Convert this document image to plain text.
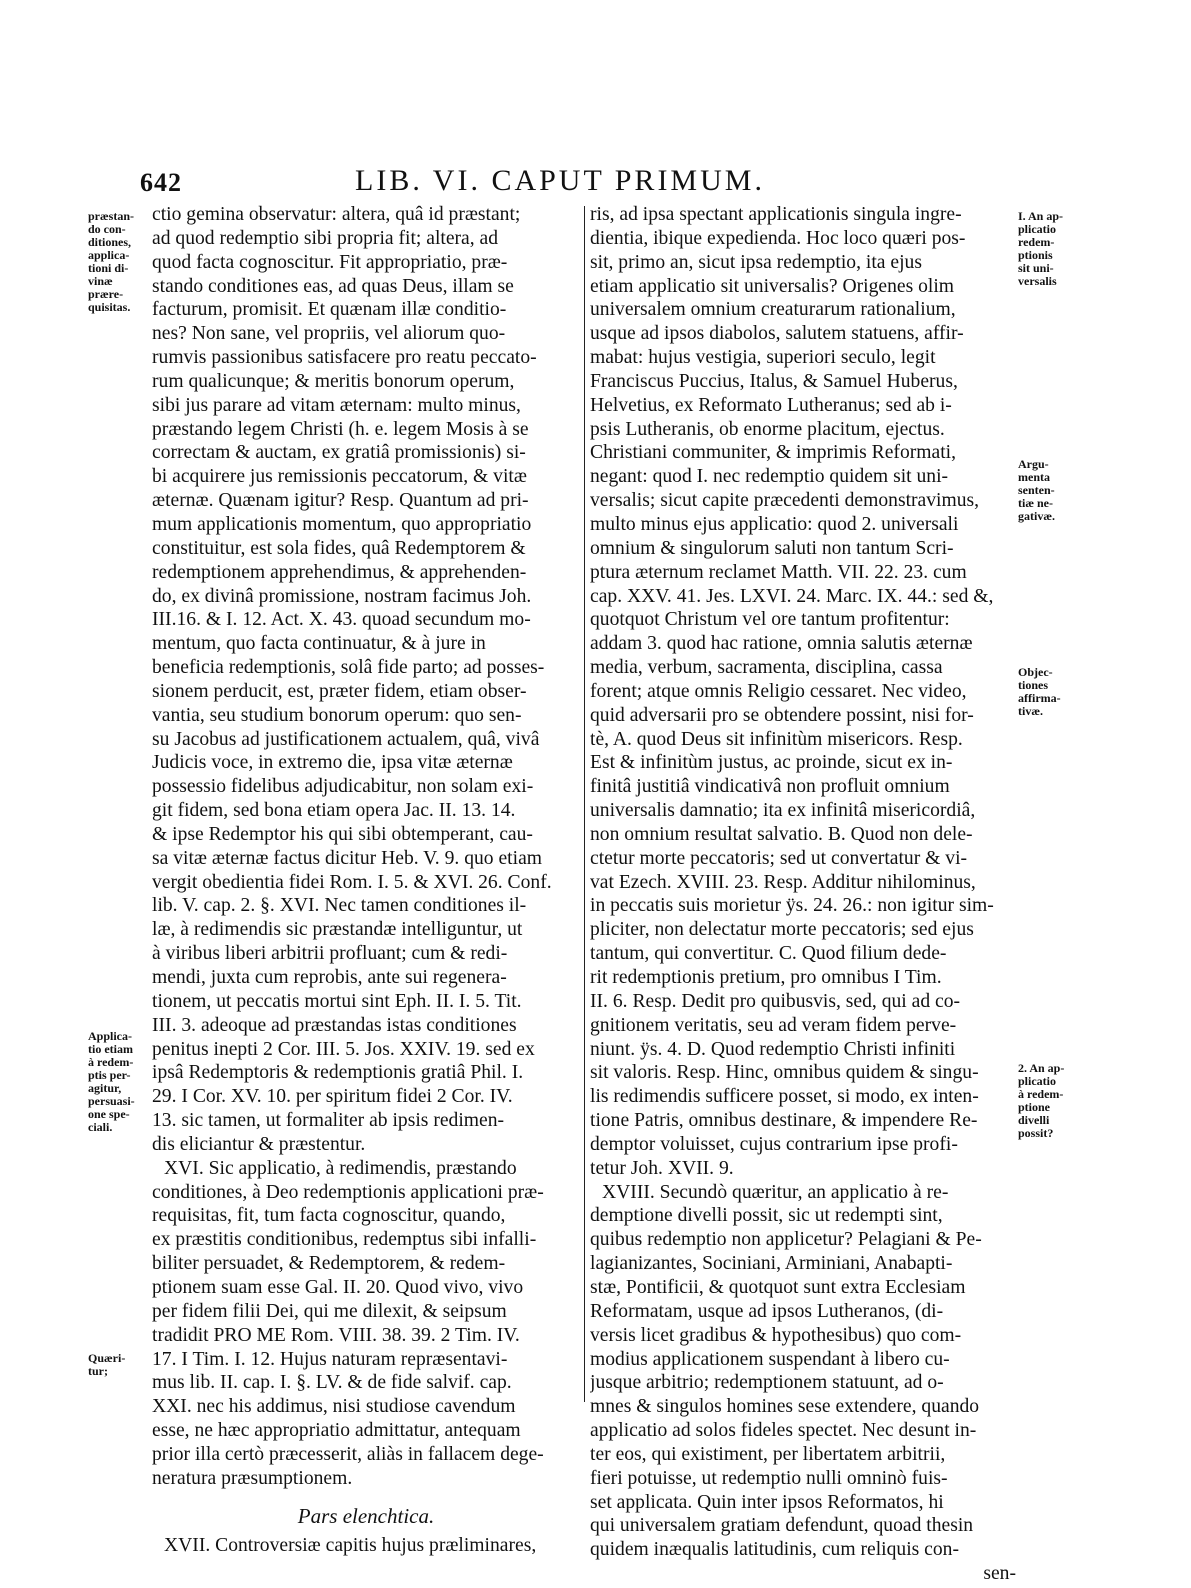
642	LIB. VI. CAPUT PRIMUM.
ctio gemina observatur: altera, quâ id præstant;
ad quod redemptio sibi propria fit; altera, ad
quod facta cognoscitur. Fit appropriatio, præ-
stando conditiones eas, ad quas Deus, illam se
facturum, promisit. Et quænam illæ conditio-
nes? Non sane, vel propriis, vel aliorum quo-
rumvis passionibus satisfacere pro reatu peccato-
rum qualicunque; & meritis bonorum operum,
sibi jus parare ad vitam æternam: multo minus,
præstando legem Christi (h. e. legem Mosis à se
correctam & auctam, ex gratiâ promissionis) si-
bi acquirere jus remissionis peccatorum, & vitæ
æternæ. Quænam igitur? Resp. Quantum ad pri-
mum applicationis momentum, quo appropriatio
constituitur, est sola fides, quâ Redemptorem &
redemptionem apprehendimus, & apprehenden-
do, ex divinâ promissione, nostram facimus Joh.
III.16. & I. 12. Act. X. 43. quoad secundum mo-
mentum, quo facta continuatur, & à jure in
beneficia redemptionis, solâ fide parto; ad posses-
sionem perducit, est, præter fidem, etiam obser-
vantia, seu studium bonorum operum: quo sen-
su Jacobus ad justificationem actualem, quâ, vivâ
Judicis voce, in extremo die, ipsa vitæ æternæ
possessio fidelibus adjudicabitur, non solam exi-
git fidem, sed bona etiam opera Jac. II. 13. 14.
& ipse Redemptor his qui sibi obtemperant, cau-
sa vitæ æternæ factus dicitur Heb. V. 9. quo etiam
vergit obedientia fidei Rom. I. 5. & XVI. 26. Conf.
lib. V. cap. 2. §. XVI. Nec tamen conditiones il-
læ, à redimendis sic præstandæ intelliguntur, ut
à viribus liberi arbitrii profluant; cum & redi-
mendi, juxta cum reprobis, ante sui regenera-
tionem, ut peccatis mortui sint Eph. II. I. 5. Tit.
III. 3. adeoque ad præstandas istas conditiones
penitus inepti 2 Cor. III. 5. Jos. XXIV. 19. sed ex
ipsâ Redemptoris & redemptionis gratiâ Phil. I.
29. I Cor. XV. 10. per spiritum fidei 2 Cor. IV.
13. sic tamen, ut formaliter ab ipsis redimen-
dis eliciantur & præstentur.
XVI. Sic applicatio, à redimendis, præstando
conditiones, à Deo redemptionis applicationi præ-
requisitas, fit, tum facta cognoscitur, quando,
ex præstitis conditionibus, redemptus sibi infalli-
biliter persuadet, & Redemptorem, & redem-
ptionem suam esse Gal. II. 20. Quod vivo, vivo
per fidem filii Dei, qui me dilexit, & seipsum
tradidit PRO ME Rom. VIII. 38. 39. 2 Tim. IV.
17. I Tim. I. 12. Hujus naturam repræsentavi-
mus lib. II. cap. I. §. LV. & de fide salvif. cap.
XXI. nec his addimus, nisi studiose cavendum
esse, ne hæc appropriatio admittatur, antequam
prior illa certò præcesserit, aliàs in fallacem dege-
neratura præsumptionem.
Pars elenchtica.
XVII. Controversiæ capitis hujus præliminares,
ris, ad ipsa spectant applicationis singula ingre-
dientia, ibique expedienda. Hoc loco quæri pos-
sit, primo an, sicut ipsa redemptio, ita ejus
etiam applicatio sit universalis? Origenes olim
universalem omnium creaturarum rationalium,
usque ad ipsos diabolos, salutem statuens, affir-
mabat: hujus vestigia, superiori seculo, legit
Franciscus Puccius, Italus, & Samuel Huberus,
Helvetius, ex Reformato Lutheranus; sed ab i-
psis Lutheranis, ob enorme placitum, ejectus.
Christiani communiter, & imprimis Reformati,
negant: quod I. nec redemptio quidem sit uni-
versalis; sicut capite præcedenti demonstravimus,
multo minus ejus applicatio: quod 2. universali
omnium & singulorum saluti non tantum Scri-
ptura æternum reclamet Matth. VII. 22. 23. cum
cap. XXV. 41. Jes. LXVI. 24. Marc. IX. 44.: sed &,
quotquot Christum vel ore tantum profitentur:
addam 3. quod hac ratione, omnia salutis æternæ
media, verbum, sacramenta, disciplina, cassa
forent; atque omnis Religio cessaret. Nec video,
quid adversarii pro se obtendere possint, nisi for-
tè, A. quod Deus sit infinitùm misericors. Resp.
Est & infinitùm justus, ac proinde, sicut ex in-
finitâ justitiâ vindicativâ non profluit omnium
universalis damnatio; ita ex infinitâ misericordiâ,
non omnium resultat salvatio. B. Quod non dele-
ctetur morte peccatoris; sed ut convertatur & vi-
vat Ezech. XVIII. 23. Resp. Additur nihilominus,
in peccatis suis morietur ÿs. 24. 26.: non igitur sim-
pliciter, non delectatur morte peccatoris; sed ejus
tantum, qui convertitur. C. Quod filium dede-
rit redemptionis pretium, pro omnibus I Tim.
II. 6. Resp. Dedit pro quibusvis, sed, qui ad co-
gnitionem veritatis, seu ad veram fidem perve-
niunt. ÿs. 4. D. Quod redemptio Christi infiniti
sit valoris. Resp. Hinc, omnibus quidem & singu-
lis redimendis sufficere posset, si modo, ex inten-
tione Patris, omnibus destinare, & impendere Re-
demptor voluisset, cujus contrarium ipse profi-
tetur Joh. XVII. 9.
XVIII. Secundò quæritur, an applicatio à re-
demptione divelli possit, sic ut redempti sint,
quibus redemptio non applicetur? Pelagiani & Pe-
lagianizantes, Sociniani, Arminiani, Anabapti-
stæ, Pontificii, & quotquot sunt extra Ecclesiam
Reformatam, usque ad ipsos Lutheranos, (di-
versis licet gradibus & hypothesibus) quo com-
modius applicationem suspendant à libero cu-
jusque arbitrio; redemptionem statuunt, ad o-
mnes & singulos homines sese extendere, quando
applicatio ad solos fideles spectet. Nec desunt in-
ter eos, qui existiment, per libertatem arbitrii,
fieri potuisse, ut redemptio nulli omninò fuis-
set applicata. Quin inter ipsos Reformatos, hi
qui universalem gratiam defendunt, quoad thesin
quidem inæqualis latitudinis, cum reliquis con-
sen-
præstan-
do con-
ditiones,
applica-
tioni di-
vinæ
prære-
quisitas.
Applica-
tio etiam
à redem-
ptis per-
agitur,
persuasi-
one spe-
ciali.
Quæri-
tur;
I. An ap-
plicatio
redem-
ptionis
sit uni-
versalis
Argu-
menta
senten-
tiæ ne-
gativæ.
Objec-
tiones
affirma-
tivæ.
2. An ap-
plicatio
à redem-
ptione
divelli
possit?
